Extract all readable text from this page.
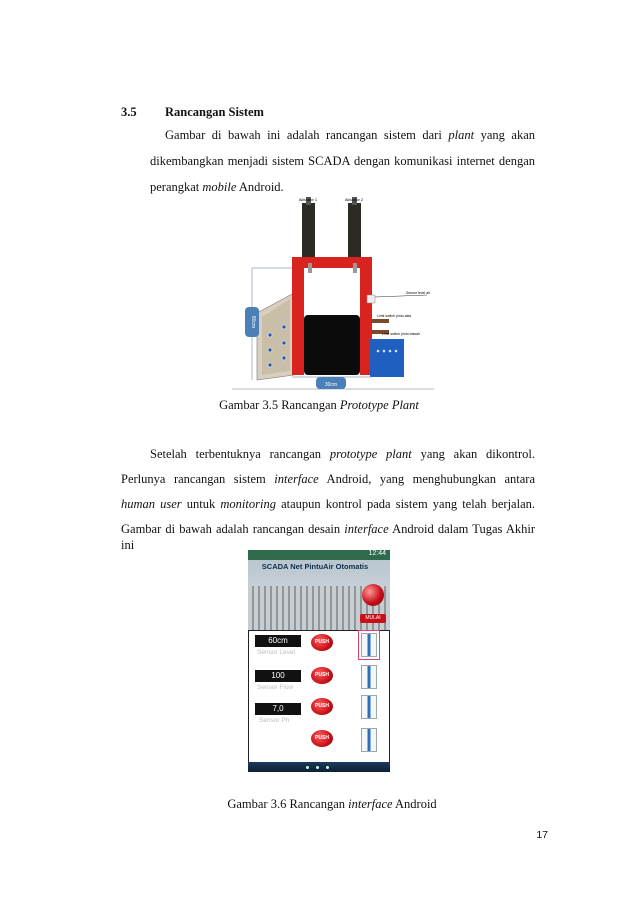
3.5 Rancangan Sistem
Gambar di bawah ini adalah rancangan sistem dari plant yang akan
dikembangkan menjadi sistem SCADA dengan komunikasi internet dengan
perangkat mobile Android.
80cm
Aktuator 1	Aktuator 2
Sensor level air
Limit switch pintu atas
Limit switch pintu bawah
30cm
Gambar 3.5 Rancangan Prototype Plant
Setelah terbentuknya rancangan prototype plant yang akan dikontrol.
Perlunya rancangan sistem interface Android, yang menghubungkan antara
human user untuk monitoring ataupun kontrol pada sistem yang telah berjalan.
Gambar di bawah adalah rancangan desain interface Android dalam Tugas Akhir
ini
12:44
SCADA Net PintuAir Otomatis
MULAI
60cm
Sensor Level
PUSH
100
Sensor Flow
PUSH
7,0
Sensor Ph
PUSH
PUSH
Gambar 3.6 Rancangan interface Android
17
